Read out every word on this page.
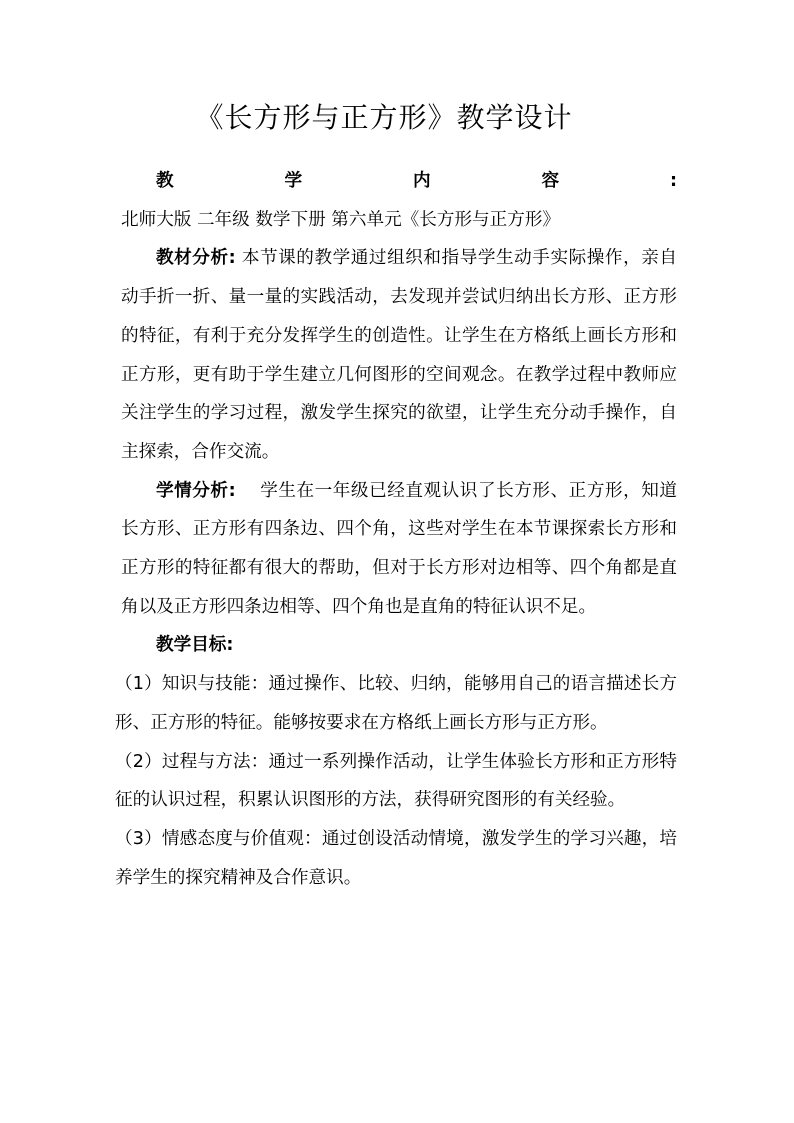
《长方形与正方形》教学设计

教学内容: 北师大版 二年级 数学下册 第六单元《长方形与正方形》

教材分析: 本节课的教学通过组织和指导学生动手实际操作，亲自动手折一折、量一量的实践活动，去发现并尝试归纳出长方形、正方形的特征，有利于充分发挥学生的创造性。让学生在方格纸上画长方形和正方形，更有助于学生建立几何图形的空间观念。在教学过程中教师应关注学生的学习过程，激发学生探究的欲望，让学生充分动手操作，自主探索，合作交流。

学情分析:    学生在一年级已经直观认识了长方形、正方形，知道长方形、正方形有四条边、四个角，这些对学生在本节课探索长方形和正方形的特征都有很大的帮助，但对于长方形对边相等、四个角都是直角以及正方形四条边相等、四个角也是直角的特征认识不足。

教学目标:

（1）知识与技能：通过操作、比较、归纳，能够用自己的语言描述长方形、正方形的特征。能够按要求在方格纸上画长方形与正方形。

（2）过程与方法：通过一系列操作活动，让学生体验长方形和正方形特征的认识过程，积累认识图形的方法，获得研究图形的有关经验。

（3）情感态度与价值观：通过创设活动情境，激发学生的学习兴趣，培养学生的探究精神及合作意识。
